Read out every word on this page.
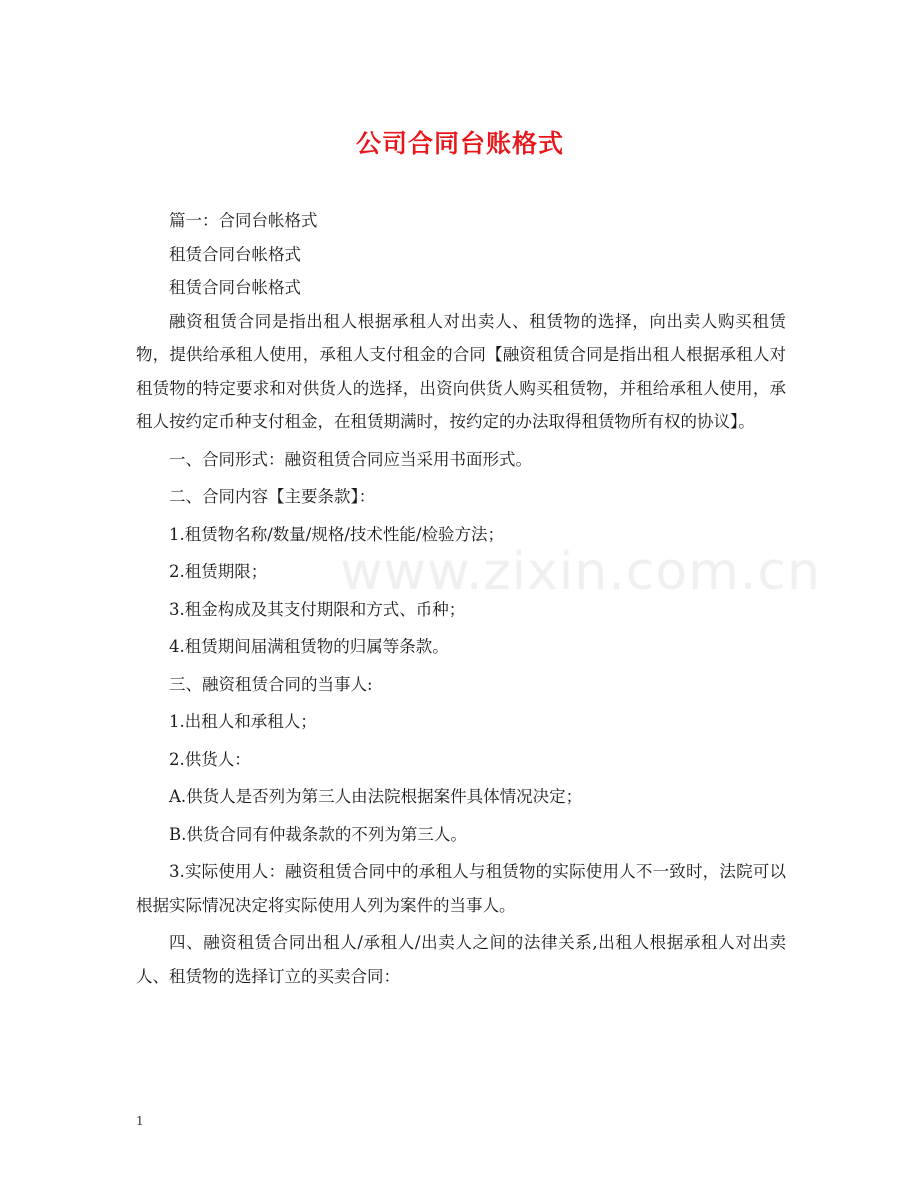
公司合同台账格式

篇一：合同台帐格式

租赁合同台帐格式

租赁合同台帐格式

融资租赁合同是指出租人根据承租人对出卖人、租赁物的选择，向出卖人购买租赁物，提供给承租人使用，承租人支付租金的合同【融资租赁合同是指出租人根据承租人对租赁物的特定要求和对供货人的选择，出资向供货人购买租赁物，并租给承租人使用，承租人按约定币种支付租金，在租赁期满时，按约定的办法取得租赁物所有权的协议】。

一、合同形式：融资租赁合同应当采用书面形式。

二、合同内容【主要条款】：

1.租赁物名称/数量/规格/技术性能/检验方法；

2.租赁期限；

3.租金构成及其支付期限和方式、币种；

4.租赁期间届满租赁物的归属等条款。

三、融资租赁合同的当事人:

1.出租人和承租人；

2.供货人：

A.供货人是否列为第三人由法院根据案件具体情况决定；

B.供货合同有仲裁条款的不列为第三人。

3.实际使用人：融资租赁合同中的承租人与租赁物的实际使用人不一致时，法院可以根据实际情况决定将实际使用人列为案件的当事人。

四、融资租赁合同出租人/承租人/出卖人之间的法律关系,出租人根据承租人对出卖人、租赁物的选择订立的买卖合同：

www.zixin.com.cn
1
